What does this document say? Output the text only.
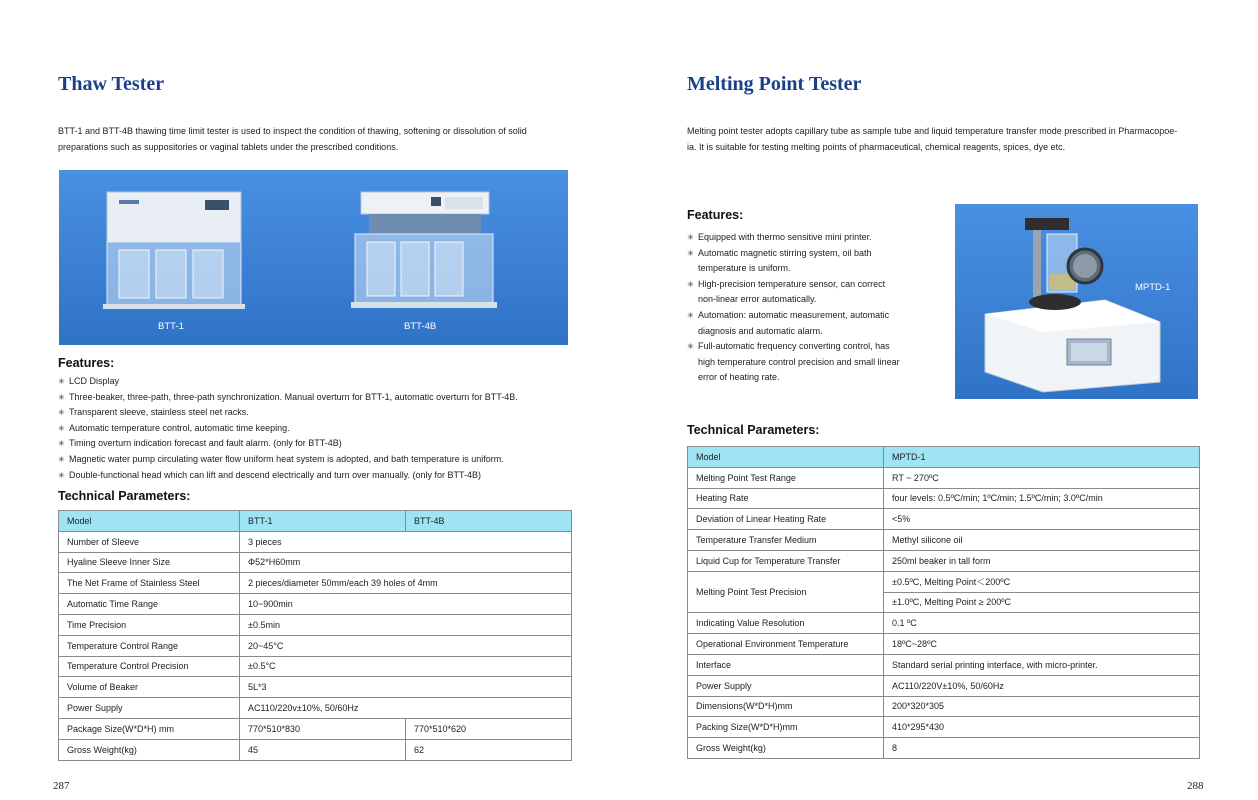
Thaw Tester

BTT-1 and BTT-4B thawing time limit tester is used to inspect the condition of thawing, softening or dissolution of solid
preparations such as suppositories or vaginal tablets under the prescribed conditions.

BTT-1	BTT-4B
Features:
✳ LCD Display
✳ Three-beaker, three-path, three-path synchronization. Manual overturn for BTT-1, automatic overturn for BTT-4B.
✳ Transparent sleeve, stainless steel net racks.
✳ Automatic temperature control, automatic time keeping.
✳ Timing overturn indication forecast and fault alarm. (only for BTT-4B)
✳ Magnetic water pump circulating water flow uniform heat system is adopted, and bath temperature is uniform.
✳ Double-functional head which can lift and descend electrically and turn over manually. (only for BTT-4B)
Technical Parameters:
Model	BTT-1	BTT-4B
Number of Sleeve	3 pieces	
Hyaline Sleeve Inner Size	Φ52*H60mm	
The Net Frame of Stainless Steel	2 pieces/diameter 50mm/each 39 holes of 4mm	
Automatic Time Range	10~900min	
Time Precision	±0.5min	
Temperature Control Range	20~45°C	
Temperature Control Precision	±0.5°C	
Volume of Beaker	5L*3	
Power Supply	AC110/220v±10%, 50/60Hz	
Package Size(W*D*H) mm	770*510*830	770*510*620
Gross Weight(kg)	45	62
287
Melting Point Tester

Melting point tester adopts capillary tube as sample tube and liquid temperature transfer mode prescribed in Pharmacopoe-
ia. It is suitable for testing melting points of pharmaceutical, chemical reagents, spices, dye etc.

Features:
✳ Equipped with thermo sensitive mini printer.
✳ Automatic magnetic stirring system, oil bath
temperature is uniform.
✳ High-precision temperature sensor, can correct
non-linear error automatically.
✳ Automation: automatic measurement, automatic
diagnosis and automatic alarm.
✳ Full-automatic frequency converting control, has
high temperature control precision and small linear
error of heating rate.
MPTD-1
Technical Parameters:
Model	MPTD-1
Melting Point Test Range	RT ~ 270ºC
Heating Rate	four levels: 0.5ºC/min; 1ºC/min; 1.5ºC/min; 3.0ºC/min
Deviation of Linear Heating Rate	<5%
Temperature Transfer Medium	Methyl silicone oil
Liquid Cup for Temperature Transfer	250ml beaker in tall form
Melting Point Test Precision	±0.5ºC, Melting Point＜200ºC
	±1.0ºC, Melting Point ≥ 200ºC
Indicating Value Resolution	0.1 ºC
Operational Environment Temperature	18ºC~28ºC
Interface	Standard serial printing interface, with micro-printer.
Power Supply	AC110/220V±10%, 50/60Hz
Dimensions(W*D*H)mm	200*320*305
Packing Size(W*D*H)mm	410*295*430
Gross Weight(kg)	8
288
